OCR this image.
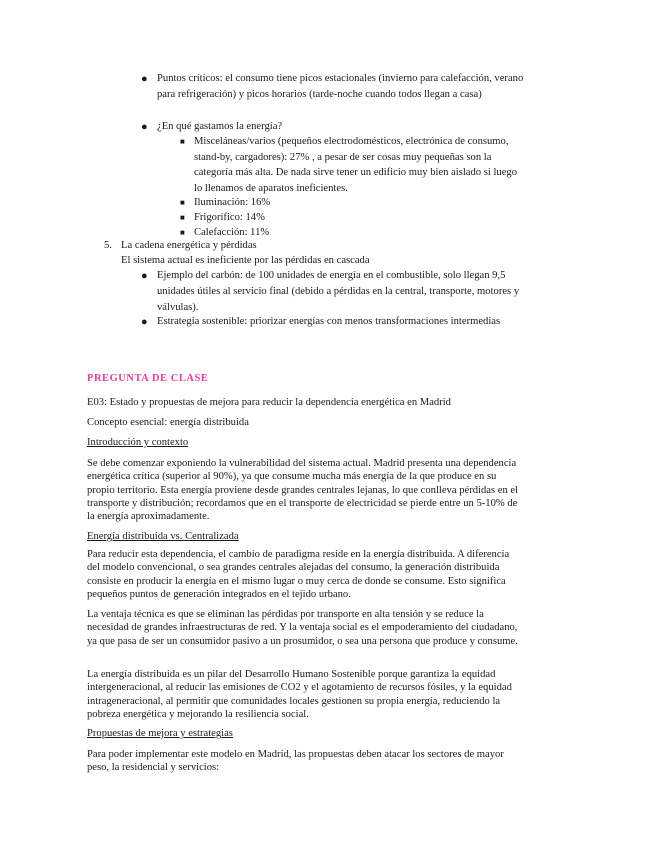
● Puntos críticos: el consumo tiene picos estacionales (invierno para calefacción, verano para refrigeración) y picos horarios (tarde-noche cuando todos llegan a casa)
● ¿En qué gastamos la energía?
■ Misceláneas/varios (pequeños electrodomésticos, electrónica de consumo, stand-by, cargadores): 27% , a pesar de ser cosas muy pequeñas son la categoría más alta. De nada sirve tener un edificio muy bien aislado si luego lo llenamos de aparatos ineficientes.
■ Iluminación: 16%
■ Frigorífico: 14%
■ Calefacción: 11%
5. La cadena energética y pérdidas
El sistema actual es ineficiente por las pérdidas en cascada
● Ejemplo del carbón: de 100 unidades de energía en el combustible, solo llegan 9,5 unidades útiles al servicio final (debido a pérdidas en la central, transporte, motores y válvulas).
● Estrategia sostenible: priorizar energías con menos transformaciones intermedias
PREGUNTA DE CLASE
E03: Estado y propuestas de mejora para reducir la dependencia energética en Madrid
Concepto esencial: energía distribuida
Introducción y contexto
Se debe comenzar exponiendo la vulnerabilidad del sistema actual. Madrid presenta una dependencia energética crítica (superior al 90%), ya que consume mucha más energía de la que produce en su propio territorio. Esta energía proviene desde grandes centrales lejanas, lo que conlleva pérdidas en el transporte y distribución; recordamos que en el transporte de electricidad se pierde entre un 5-10% de la energía aproximadamente.
Energía distribuida vs. Centralizada
Para reducir esta dependencia, el cambio de paradigma reside en la energía distribuida. A diferencia del modelo convencional, o sea grandes centrales alejadas del consumo, la generación distribuida consiste en producir la energía en el mismo lugar o muy cerca de donde se consume. Esto significa pequeños puntos de generación integrados en el tejido urbano.
La ventaja técnica es que se eliminan las pérdidas por transporte en alta tensión y se reduce la necesidad de grandes infraestructuras de red. Y la ventaja social es el empoderamiento del ciudadano, ya que pasa de ser un consumidor pasivo a un prosumidor, o sea una persona que produce y consume.
La energía distribuida es un pilar del Desarrollo Humano Sostenible porque garantiza la equidad intergeneracional, al reducir las emisiones de CO2 y el agotamiento de recursos fósiles, y la equidad intrageneracional, al permitir que comunidades locales gestionen su propia energía, reduciendo la pobreza energética y mejorando la resiliencia social.
Propuestas de mejora y estrategias
Para poder implementar este modelo en Madrid, las propuestas deben atacar los sectores de mayor peso, la residencial y servicios:
